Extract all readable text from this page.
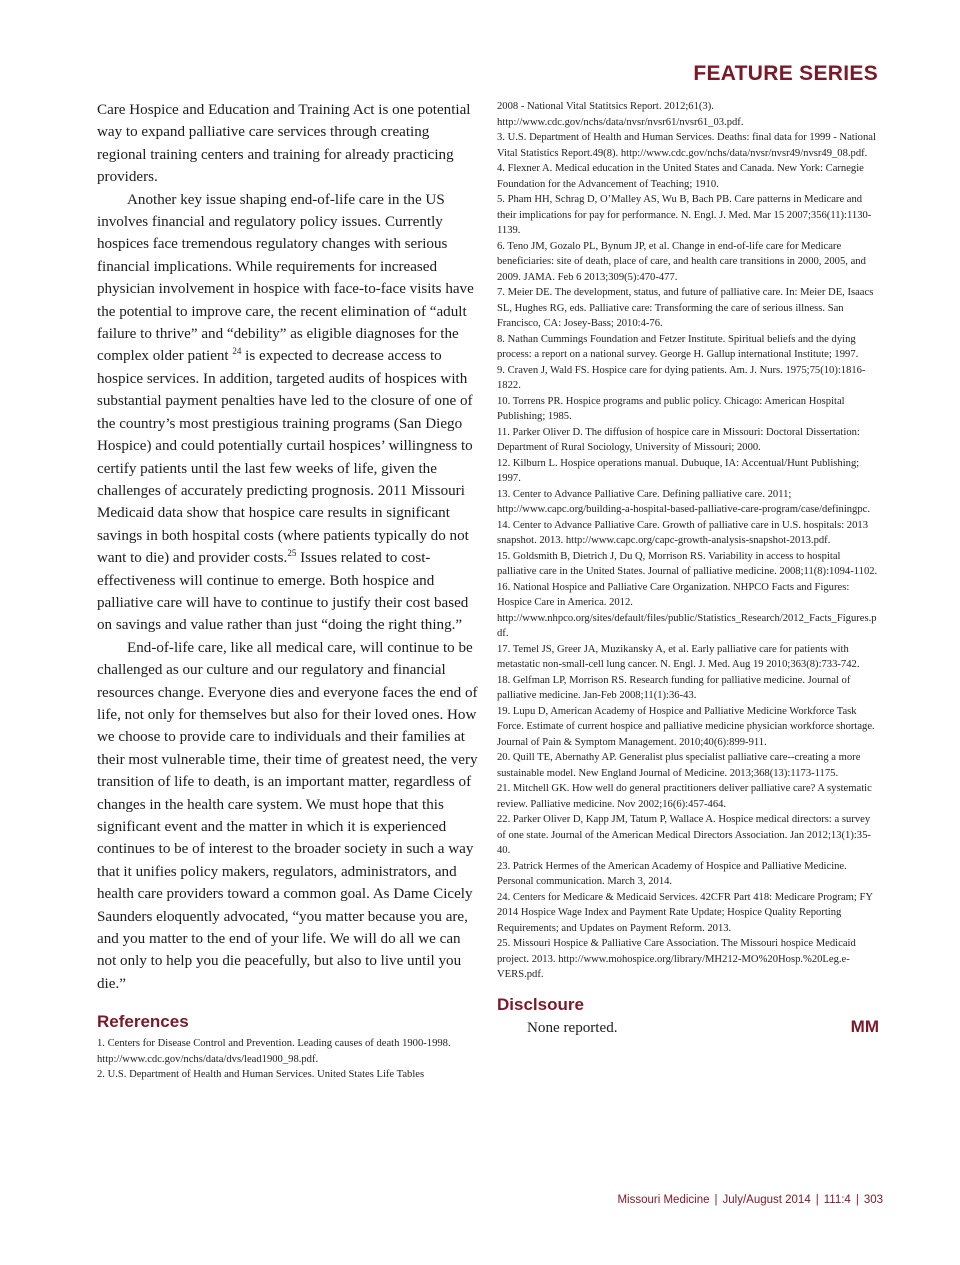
FEATURE SERIES

Care Hospice and Education and Training Act is one potential way to expand palliative care services through creating regional training centers and training for already practicing providers.

Another key issue shaping end-of-life care in the US involves financial and regulatory policy issues. Currently hospices face tremendous regulatory changes with serious financial implications. While requirements for increased physician involvement in hospice with face-to-face visits have the potential to improve care, the recent elimination of “adult failure to thrive” and “debility” as eligible diagnoses for the complex older patient $^{24}$ is expected to decrease access to hospice services. In addition, targeted audits of hospices with substantial payment penalties have led to the closure of one of the country’s most prestigious training programs (San Diego Hospice) and could potentially curtail hospices’ willingness to certify patients until the last few weeks of life, given the challenges of accurately predicting prognosis. 2011 Missouri Medicaid data show that hospice care results in significant savings in both hospital costs (where patients typically do not want to die) and provider costs.$^{25}$ Issues related to cost-effectiveness will continue to emerge. Both hospice and palliative care will have to continue to justify their cost based on savings and value rather than just “doing the right thing.”

End-of-life care, like all medical care, will continue to be challenged as our culture and our regulatory and financial resources change. Everyone dies and everyone faces the end of life, not only for themselves but also for their loved ones. How we choose to provide care to individuals and their families at their most vulnerable time, their time of greatest need, the very transition of life to death, is an important matter, regardless of changes in the health care system. We must hope that this significant event and the matter in which it is experienced continues to be of interest to the broader society in such a way that it unifies policy makers, regulators, administrators, and health care providers toward a common goal. As Dame Cicely Saunders eloquently advocated, “you matter because you are, and you matter to the end of your life. We will do all we can not only to help you die peacefully, but also to live until you die.”

References
1. Centers for Disease Control and Prevention. Leading causes of death 1900-1998. http://www.cdc.gov/nchs/data/dvs/lead1900_98.pdf.
2. U.S. Department of Health and Human Services. United States Life Tables
2008 - National Vital Statitsics Report. 2012;61(3). http://www.cdc.gov/nchs/data/nvsr/nvsr61/nvsr61_03.pdf.
3. U.S. Department of Health and Human Services. Deaths: final data for 1999 - National Vital Statistics Report.49(8). http://www.cdc.gov/nchs/data/nvsr/nvsr49/nvsr49_08.pdf.
4. Flexner A. Medical education in the United States and Canada. New York: Carnegie Foundation for the Advancement of Teaching; 1910.
5. Pham HH, Schrag D, O’Malley AS, Wu B, Bach PB. Care patterns in Medicare and their implications for pay for performance. N. Engl. J. Med. Mar 15 2007;356(11):1130-1139.
6. Teno JM, Gozalo PL, Bynum JP, et al. Change in end-of-life care for Medicare beneficiaries: site of death, place of care, and health care transitions in 2000, 2005, and 2009. JAMA. Feb 6 2013;309(5):470-477.
7. Meier DE. The development, status, and future of palliative care. In: Meier DE, Isaacs SL, Hughes RG, eds. Palliative care: Transforming the care of serious illness. San Francisco, CA: Josey-Bass; 2010:4-76.
8. Nathan Cummings Foundation and Fetzer Institute. Spiritual beliefs and the dying process: a report on a national survey. George H. Gallup international Institute; 1997.
9. Craven J, Wald FS. Hospice care for dying patients. Am. J. Nurs. 1975;75(10):1816-1822.
10. Torrens PR. Hospice programs and public policy. Chicago: American Hospital Publishing; 1985.
11. Parker Oliver D. The diffusion of hospice care in Missouri: Doctoral Dissertation: Department of Rural Sociology, University of Missouri; 2000.
12. Kilburn L. Hospice operations manual. Dubuque, IA: Accentual/Hunt Publishing; 1997.
13. Center to Advance Palliative Care. Defining palliative care. 2011; http://www.capc.org/building-a-hospital-based-palliative-care-program/case/definingpc.
14. Center to Advance Palliative Care. Growth of palliative care in U.S. hospitals: 2013 snapshot. 2013. http://www.capc.org/capc-growth-analysis-snapshot-2013.pdf.
15. Goldsmith B, Dietrich J, Du Q, Morrison RS. Variability in access to hospital palliative care in the United States. Journal of palliative medicine. 2008;11(8):1094-1102.
16. National Hospice and Palliative Care Organization. NHPCO Facts and Figures: Hospice Care in America. 2012. http://www.nhpco.org/sites/default/files/public/Statistics_Research/2012_Facts_Figures.pdf.
17. Temel JS, Greer JA, Muzikansky A, et al. Early palliative care for patients with metastatic non-small-cell lung cancer. N. Engl. J. Med. Aug 19 2010;363(8):733-742.
18. Gelfman LP, Morrison RS. Research funding for palliative medicine. Journal of palliative medicine. Jan-Feb 2008;11(1):36-43.
19. Lupu D, American Academy of Hospice and Palliative Medicine Workforce Task Force. Estimate of current hospice and palliative medicine physician workforce shortage. Journal of Pain & Symptom Management. 2010;40(6):899-911.
20. Quill TE, Abernathy AP. Generalist plus specialist palliative care--creating a more sustainable model. New England Journal of Medicine. 2013;368(13):1173-1175.
21. Mitchell GK. How well do general practitioners deliver palliative care? A systematic review. Palliative medicine. Nov 2002;16(6):457-464.
22. Parker Oliver D, Kapp JM, Tatum P, Wallace A. Hospice medical directors: a survey of one state. Journal of the American Medical Directors Association. Jan 2012;13(1):35-40.
23. Patrick Hermes of the American Academy of Hospice and Palliative Medicine. Personal communication. March 3, 2014.
24. Centers for Medicare & Medicaid Services. 42CFR Part 418: Medicare Program; FY 2014 Hospice Wage Index and Payment Rate Update; Hospice Quality Reporting Requirements; and Updates on Payment Reform. 2013.
25. Missouri Hospice & Palliative Care Association. The Missouri hospice Medicaid project. 2013. http://www.mohospice.org/library/MH212-MO%20Hosp.%20Leg.e-VERS.pdf.
Disclsoure
None reported.	MM
Missouri Medicine | July/August 2014 | 111:4 | 303
